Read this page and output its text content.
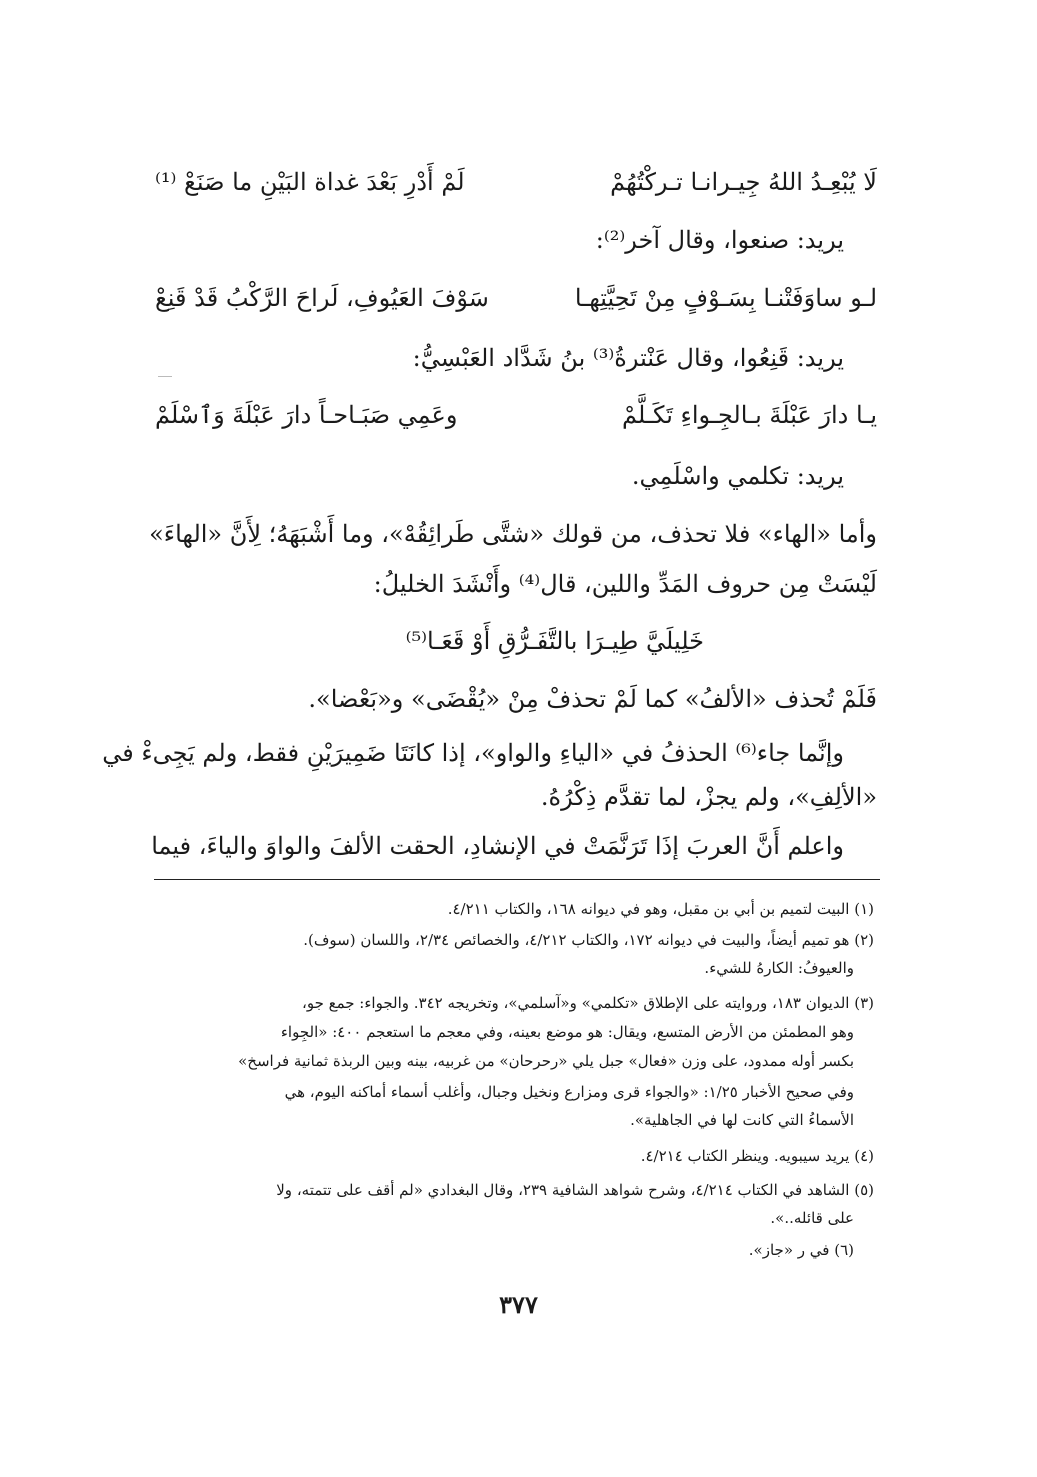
لَا يُبْعِـدُ اللهُ جِيـرانـا تـركْتُهُمْ
لَمْ أَدْرِ بَعْدَ غداة البَيْنِ ما صَنَعْ ⁽¹⁾
يريد: صنعوا، وقال آخر⁽²⁾:
لـو ساوَفَتْنـا بِسَـوْفٍ مِنْ تَحِيَّتِهـا
سَوْفَ العَيُوفِ، لَراحَ الرَّكْبُ قَدْ قَنِعْ
يريد: قَنِعُوا، وقال عَنْترةُ⁽³⁾ بنُ شَدَّاد العَبْسِيُّ:
يـا دارَ عَبْلَةَ بـالجِـواءِ تَكَـلَّمْ
وعَمِي صَبَـاحـاً دارَ عَبْلَةَ وَٱسْلَمْ
يريد: تكلمي واسْلَمِي.
وأما «الهاء» فلا تحذف، من قولك «شتَّى طَرائِقُهْ»، وما أَشْبَهَهُ؛ لِأَنَّ «الهاءَ»
لَيْسَتْ مِن حروف المَدِّ واللين، قال⁽⁴⁾ وأَنْشَدَ الخليلُ:
خَلِيلَيَّ طِيـرَا بالتَّفَـرُّقِ أَوْ قَعَـا⁽⁵⁾
فَلَمْ تُحذف «الألفُ» كما لَمْ تحذفْ مِنْ «يُقْضَى» و«بَعْضا».
وإنَّما جاء⁽⁶⁾ الحذفُ في «الياءِ والواو»، إذا كانَتَا ضَمِيرَيْنِ فقط، ولم يَجِىءْ في
«الألِفِ»، ولم يجزْ، لما تقدَّم ذِكْرُهُ.
واعلم أَنَّ العربَ إذَا تَرَنَّمَتْ في الإنشادِ، الحقت الألفَ والواوَ والياءَ، فيما
(١) البيت لتميم بن أبي بن مقبل، وهو في ديوانه ١٦٨، والكتاب ٤/٢١١.
(٢) هو تميم أيضاً، والبيت في ديوانه ١٧٢، والكتاب ٤/٢١٢، والخصائص ٢/٣٤، واللسان (سوف).
والعيوفُ: الكارهُ للشيء.
(٣) الديوان ١٨٣، وروايته على الإطلاق «تكلمي» و«آسلمي»، وتخريجه ٣٤٢. والجواء: جمع جو،
وهو المطمئن من الأرض المتسع، ويقال: هو موضع بعينه، وفي معجم ما استعجم ٤٠٠: «الجِواء
بكسر أوله ممدود، على وزن «فعال» جبل يلي «رحرحان» من غربيه، بينه وبين الربذة ثمانية فراسخ»
وفي صحيح الأخبار ١/٢٥: «والجواء قرى ومزارع ونخيل وجبال، وأغلب أسماء أماكنه اليوم، هي
الأسماءُ التي كانت لها في الجاهلية».
(٤) يريد سيبويه. وينظر الكتاب ٤/٢١٤.
(٥) الشاهد في الكتاب ٤/٢١٤، وشرح شواهد الشافية ٢٣٩، وقال البغدادي «لم أقف على تتمته، ولا
على قائله..».
(٦) في ر «جاز».
٣٧٧
